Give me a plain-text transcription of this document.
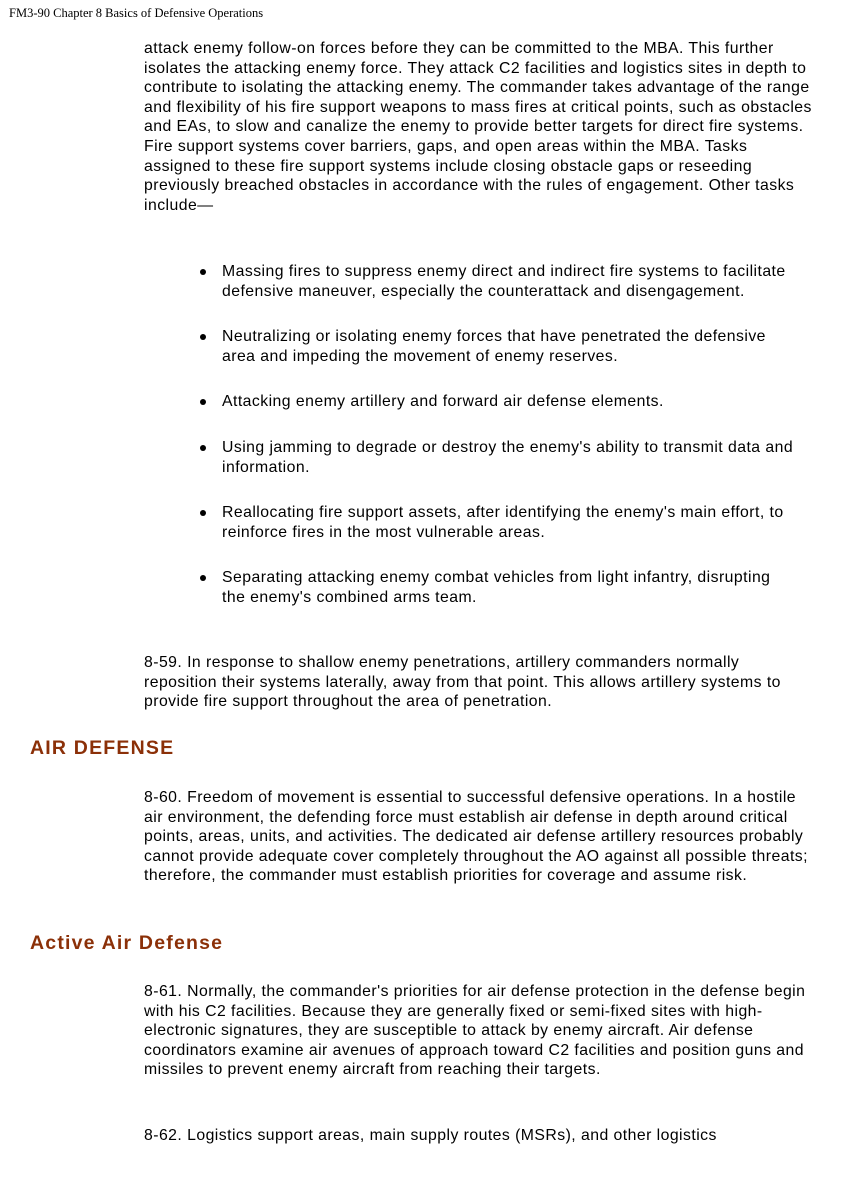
FM3-90 Chapter 8 Basics of Defensive Operations

attack enemy follow-on forces before they can be committed to the MBA. This further isolates the attacking enemy force. They attack C2 facilities and logistics sites in depth to contribute to isolating the attacking enemy. The commander takes advantage of the range and flexibility of his fire support weapons to mass fires at critical points, such as obstacles and EAs, to slow and canalize the enemy to provide better targets for direct fire systems. Fire support systems cover barriers, gaps, and open areas within the MBA. Tasks assigned to these fire support systems include closing obstacle gaps or reseeding previously breached obstacles in accordance with the rules of engagement. Other tasks include—

Massing fires to suppress enemy direct and indirect fire systems to facilitate defensive maneuver, especially the counterattack and disengagement.
Neutralizing or isolating enemy forces that have penetrated the defensive area and impeding the movement of enemy reserves.
Attacking enemy artillery and forward air defense elements.
Using jamming to degrade or destroy the enemy's ability to transmit data and information.
Reallocating fire support assets, after identifying the enemy's main effort, to reinforce fires in the most vulnerable areas.
Separating attacking enemy combat vehicles from light infantry, disrupting the enemy's combined arms team.

8-59. In response to shallow enemy penetrations, artillery commanders normally reposition their systems laterally, away from that point. This allows artillery systems to provide fire support throughout the area of penetration.

AIR DEFENSE

8-60. Freedom of movement is essential to successful defensive operations. In a hostile air environment, the defending force must establish air defense in depth around critical points, areas, units, and activities. The dedicated air defense artillery resources probably cannot provide adequate cover completely throughout the AO against all possible threats; therefore, the commander must establish priorities for coverage and assume risk.

Active Air Defense

8-61. Normally, the commander's priorities for air defense protection in the defense begin with his C2 facilities. Because they are generally fixed or semi-fixed sites with high-electronic signatures, they are susceptible to attack by enemy aircraft. Air defense coordinators examine air avenues of approach toward C2 facilities and position guns and missiles to prevent enemy aircraft from reaching their targets.

8-62. Logistics support areas, main supply routes (MSRs), and other logistics
